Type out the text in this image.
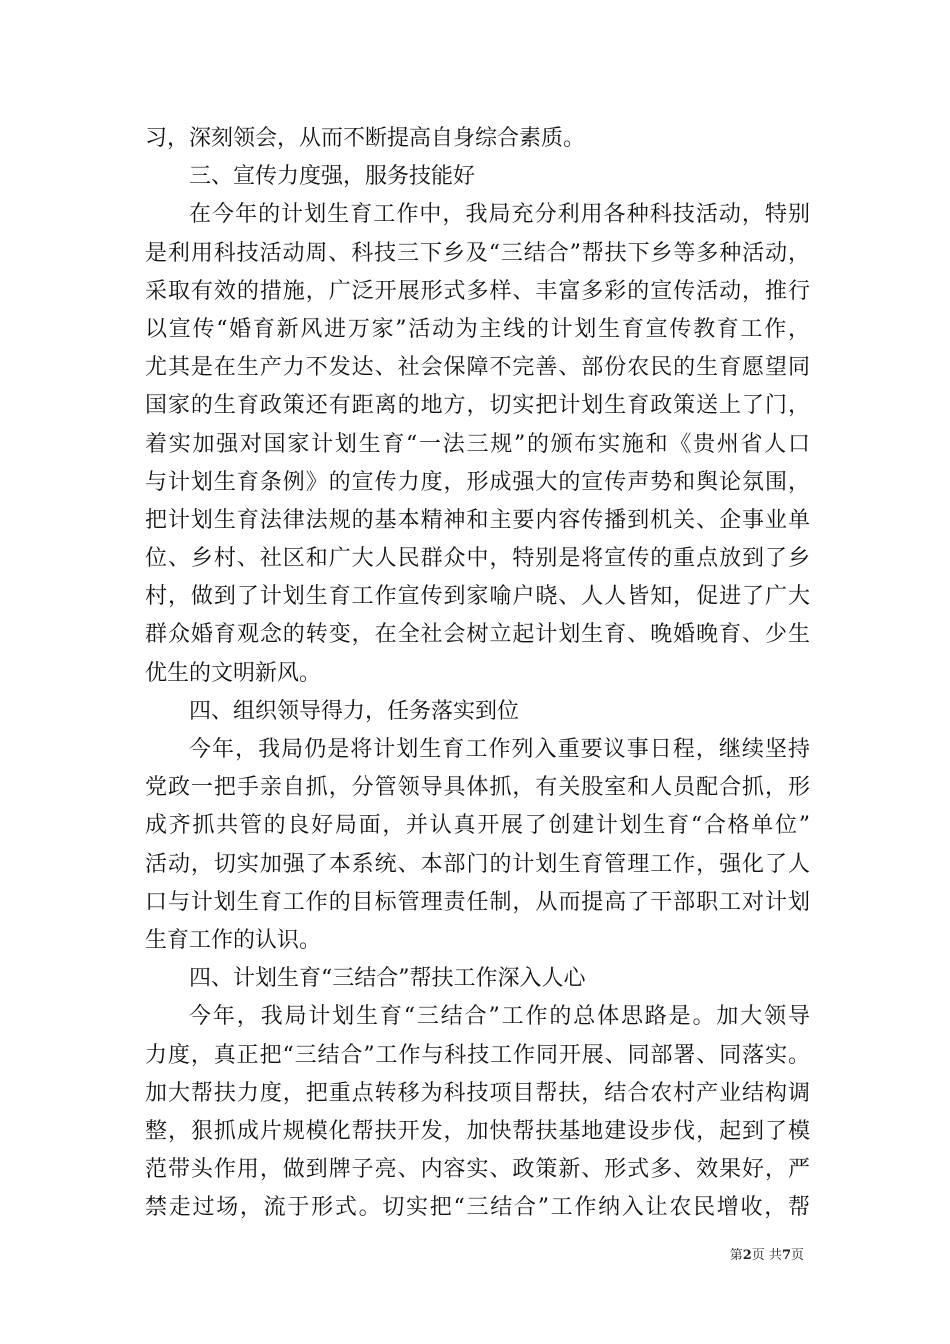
习，深刻领会，从而不断提高自身综合素质。
三、宣传力度强，服务技能好
在今年的计划生育工作中，我局充分利用各种科技活动，特别
是利用科技活动周、科技三下乡及“三结合”帮扶下乡等多种活动，
采取有效的措施，广泛开展形式多样、丰富多彩的宣传活动，推行
以宣传“婚育新风进万家”活动为主线的计划生育宣传教育工作，
尤其是在生产力不发达、社会保障不完善、部份农民的生育愿望同
国家的生育政策还有距离的地方，切实把计划生育政策送上了门，
着实加强对国家计划生育“一法三规”的颁布实施和《贵州省人口
与计划生育条例》的宣传力度，形成强大的宣传声势和舆论氛围，
把计划生育法律法规的基本精神和主要内容传播到机关、企事业单
位、乡村、社区和广大人民群众中，特别是将宣传的重点放到了乡
村，做到了计划生育工作宣传到家喻户晓、人人皆知，促进了广大
群众婚育观念的转变，在全社会树立起计划生育、晚婚晚育、少生
优生的文明新风。
四、组织领导得力，任务落实到位
今年，我局仍是将计划生育工作列入重要议事日程，继续坚持
党政一把手亲自抓，分管领导具体抓，有关股室和人员配合抓，形
成齐抓共管的良好局面，并认真开展了创建计划生育“合格单位”
活动，切实加强了本系统、本部门的计划生育管理工作，强化了人
口与计划生育工作的目标管理责任制，从而提高了干部职工对计划
生育工作的认识。
四、计划生育“三结合”帮扶工作深入人心
今年，我局计划生育“三结合”工作的总体思路是。加大领导
力度，真正把“三结合”工作与科技工作同开展、同部署、同落实。
加大帮扶力度，把重点转移为科技项目帮扶，结合农村产业结构调
整，狠抓成片规模化帮扶开发，加快帮扶基地建设步伐，起到了模
范带头作用，做到牌子亮、内容实、政策新、形式多、效果好，严
禁走过场，流于形式。切实把“三结合”工作纳入让农民增收，帮
第2页 共7页
